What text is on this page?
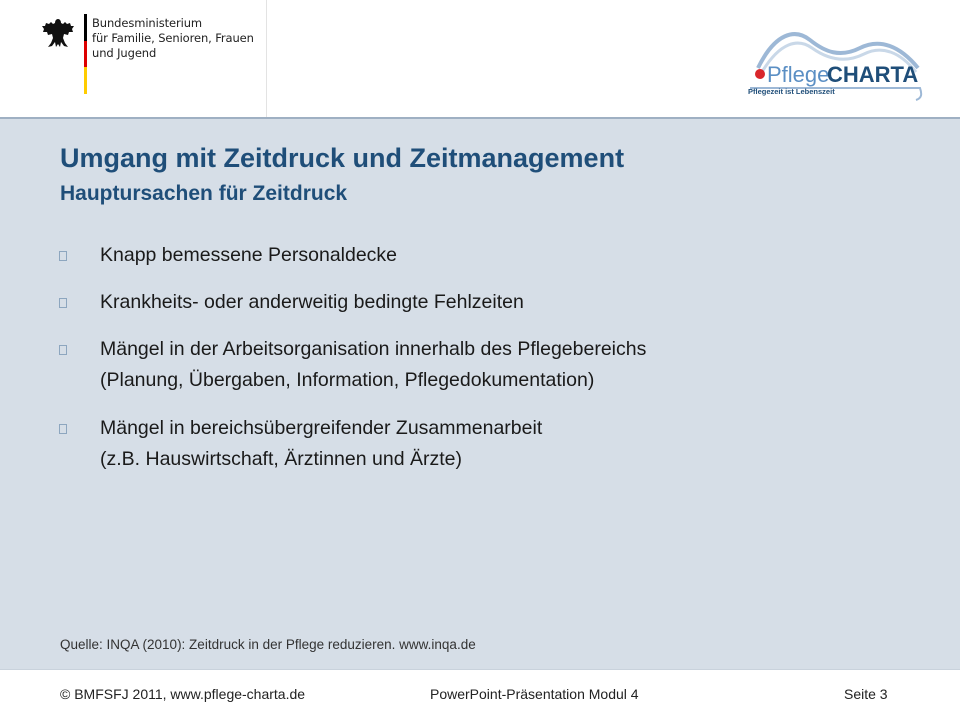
Bundesministerium
für Familie, Senioren, Frauen
und Jugend
Pflege
CHARTA
Pflegezeit ist Lebenszeit
Umgang mit Zeitdruck und Zeitmanagement
Hauptursachen für Zeitdruck
Knapp bemessene Personaldecke
Krankheits- oder anderweitig bedingte Fehlzeiten
Mängel in der Arbeitsorganisation innerhalb des Pflegebereichs
(Planung, Übergaben, Information, Pflegedokumentation)
Mängel in bereichsübergreifender Zusammenarbeit
(z.B. Hauswirtschaft, Ärztinnen und Ärzte)
Quelle: INQA (2010): Zeitdruck in der Pflege reduzieren. www.inqa.de
© BMFSFJ 2011, www.pflege-charta.de	PowerPoint-Präsentation Modul 4	Seite 3
